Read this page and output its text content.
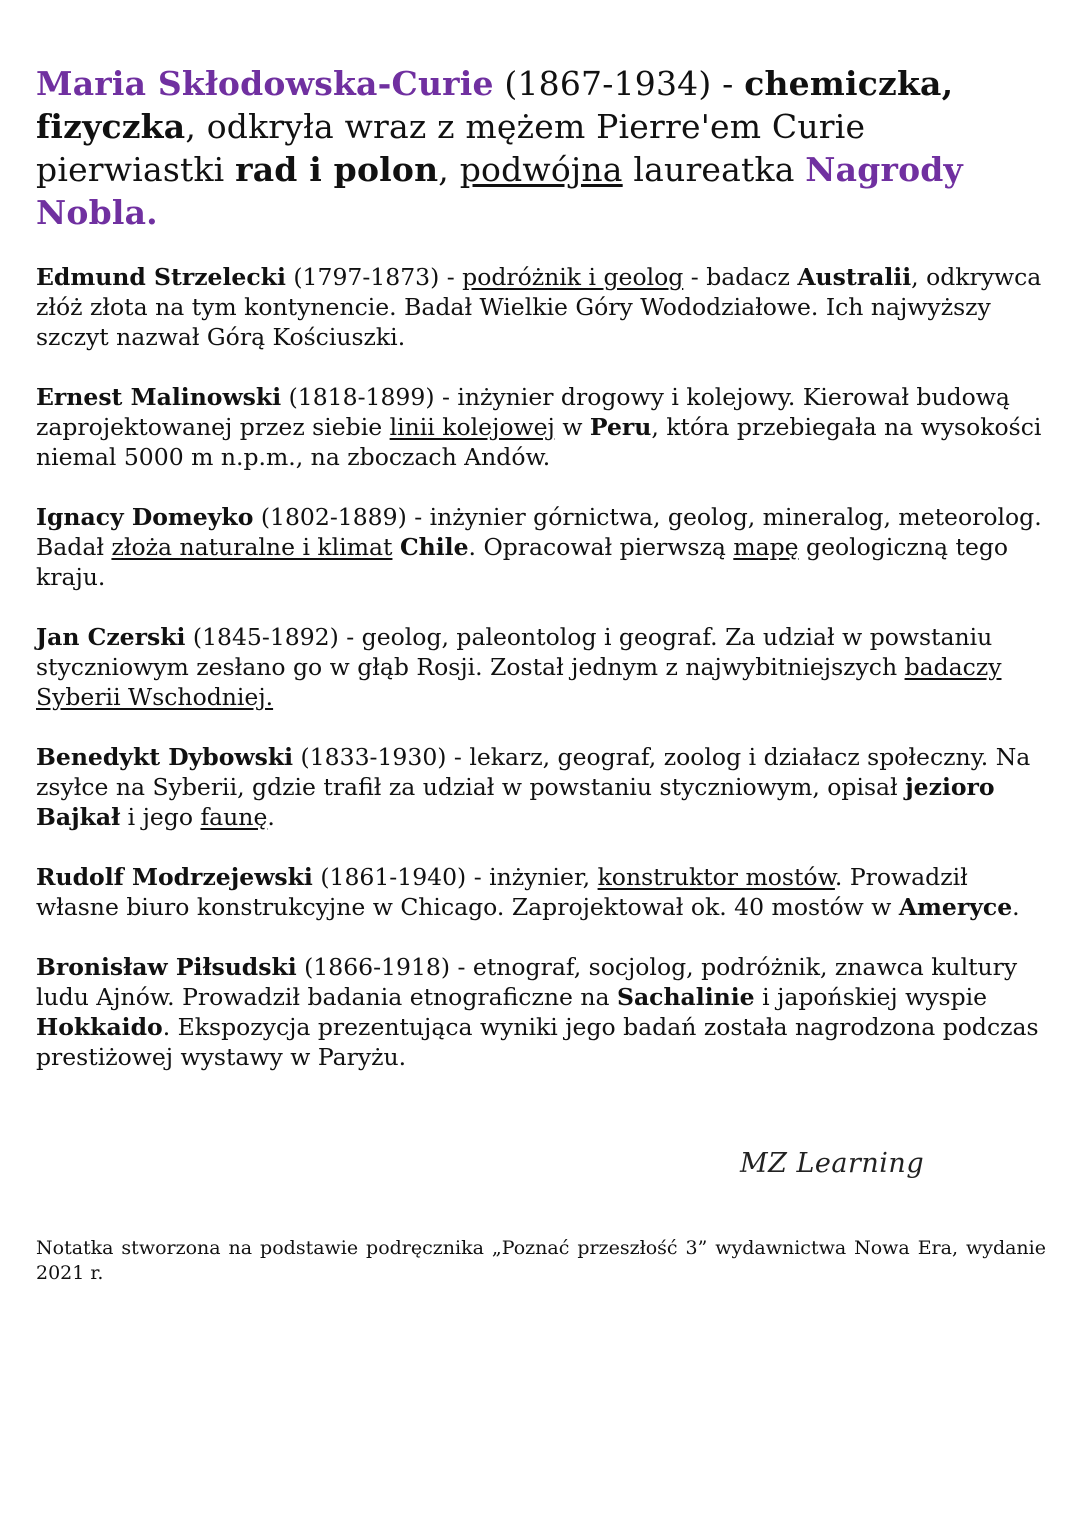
Maria Skłodowska-Curie (1867-1934) - chemiczka, fizyczka, odkryła wraz z mężem Pierre'em Curie pierwiastki rad i polon, podwójna laureatka Nagrody Nobla.

Edmund Strzelecki (1797-1873) - podróżnik i geolog - badacz Australii, odkrywca złóż złota na tym kontynencie. Badał Wielkie Góry Wododziałowe. Ich najwyższy szczyt nazwał Górą Kościuszki.

Ernest Malinowski (1818-1899) - inżynier drogowy i kolejowy. Kierował budową zaprojektowanej przez siebie linii kolejowej w Peru, która przebiegała na wysokości niemal 5000 m n.p.m., na zboczach Andów.

Ignacy Domeyko (1802-1889) - inżynier górnictwa, geolog, mineralog, meteorolog. Badał złoża naturalne i klimat Chile. Opracował pierwszą mapę geologiczną tego kraju.

Jan Czerski (1845-1892) - geolog, paleontolog i geograf. Za udział w powstaniu styczniowym zesłano go w głąb Rosji. Został jednym z najwybitniejszych badaczy Syberii Wschodniej.

Benedykt Dybowski (1833-1930) - lekarz, geograf, zoolog i działacz społeczny. Na zsyłce na Syberii, gdzie trafił za udział w powstaniu styczniowym, opisał jezioro Bajkał i jego faunę.

Rudolf Modrzejewski (1861-1940) - inżynier, konstruktor mostów. Prowadził własne biuro konstrukcyjne w Chicago. Zaprojektował ok. 40 mostów w Ameryce.

Bronisław Piłsudski (1866-1918) - etnograf, socjolog, podróżnik, znawca kultury ludu Ajnów. Prowadził badania etnograficzne na Sachalinie i japońskiej wyspie Hokkaido. Ekspozycja prezentująca wyniki jego badań została nagrodzona podczas prestiżowej wystawy w Paryżu.

MZ Learning
Notatka stworzona na podstawie podręcznika „Poznać przeszłość 3” wydawnictwa Nowa Era, wydanie 2021 r.
